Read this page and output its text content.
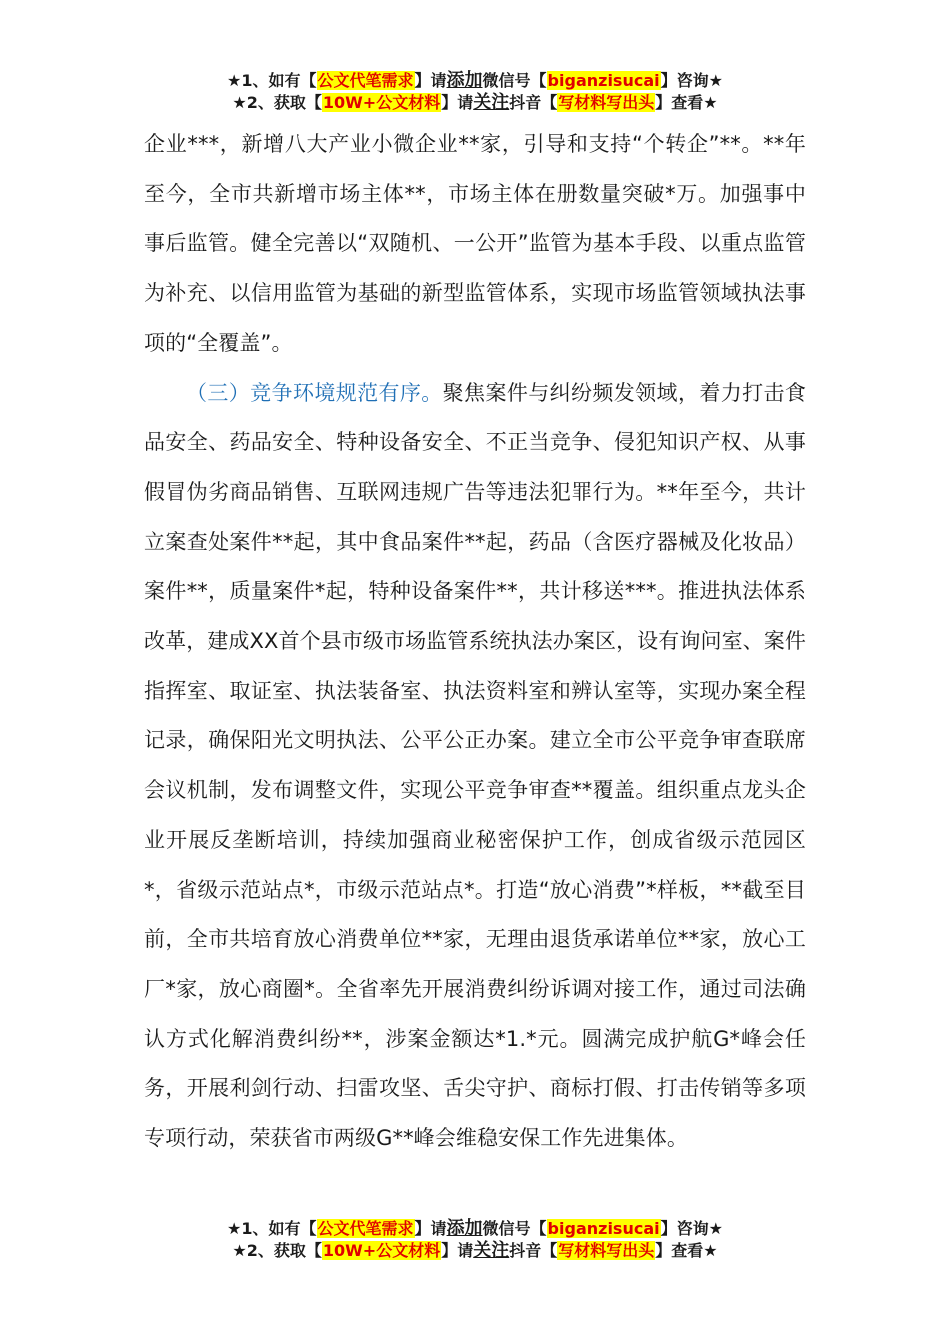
★1、如有【公文代笔需求】请添加微信号【biganzisucai】咨询★
★2、获取【10W+公文材料】请关注抖音【写材料写出头】查看★

企业***，新增八大产业小微企业**家，引导和支持“个转企”**。**年至今，全市共新增市场主体**，市场主体在册数量突破*万。加强事中事后监管。健全完善以“双随机、一公开”监管为基本手段、以重点监管为补充、以信用监管为基础的新型监管体系，实现市场监管领域执法事项的“全覆盖”。

（三）竞争环境规范有序。聚焦案件与纠纷频发领域，着力打击食品安全、药品安全、特种设备安全、不正当竞争、侵犯知识产权、从事假冒伪劣商品销售、互联网违规广告等违法犯罪行为。**年至今，共计立案查处案件**起，其中食品案件**起，药品（含医疗器械及化妆品）案件**，质量案件*起，特种设备案件**，共计移送***。推进执法体系改革，建成XX首个县市级市场监管系统执法办案区，设有询问室、案件指挥室、取证室、执法装备室、执法资料室和辨认室等，实现办案全程记录，确保阳光文明执法、公平公正办案。建立全市公平竞争审查联席会议机制，发布调整文件，实现公平竞争审查**覆盖。组织重点龙头企业开展反垄断培训，持续加强商业秘密保护工作，创成省级示范园区*，省级示范站点*，市级示范站点*。打造“放心消费”*样板，**截至目前，全市共培育放心消费单位**家，无理由退货承诺单位**家，放心工厂*家，放心商圈*。全省率先开展消费纠纷诉调对接工作，通过司法确认方式化解消费纠纷**，涉案金额达*1.*元。圆满完成护航G*峰会任务，开展利剑行动、扫雷攻坚、舌尖守护、商标打假、打击传销等多项专项行动，荣获省市两级G**峰会维稳安保工作先进集体。

★1、如有【公文代笔需求】请添加微信号【biganzisucai】咨询★
★2、获取【10W+公文材料】请关注抖音【写材料写出头】查看★
